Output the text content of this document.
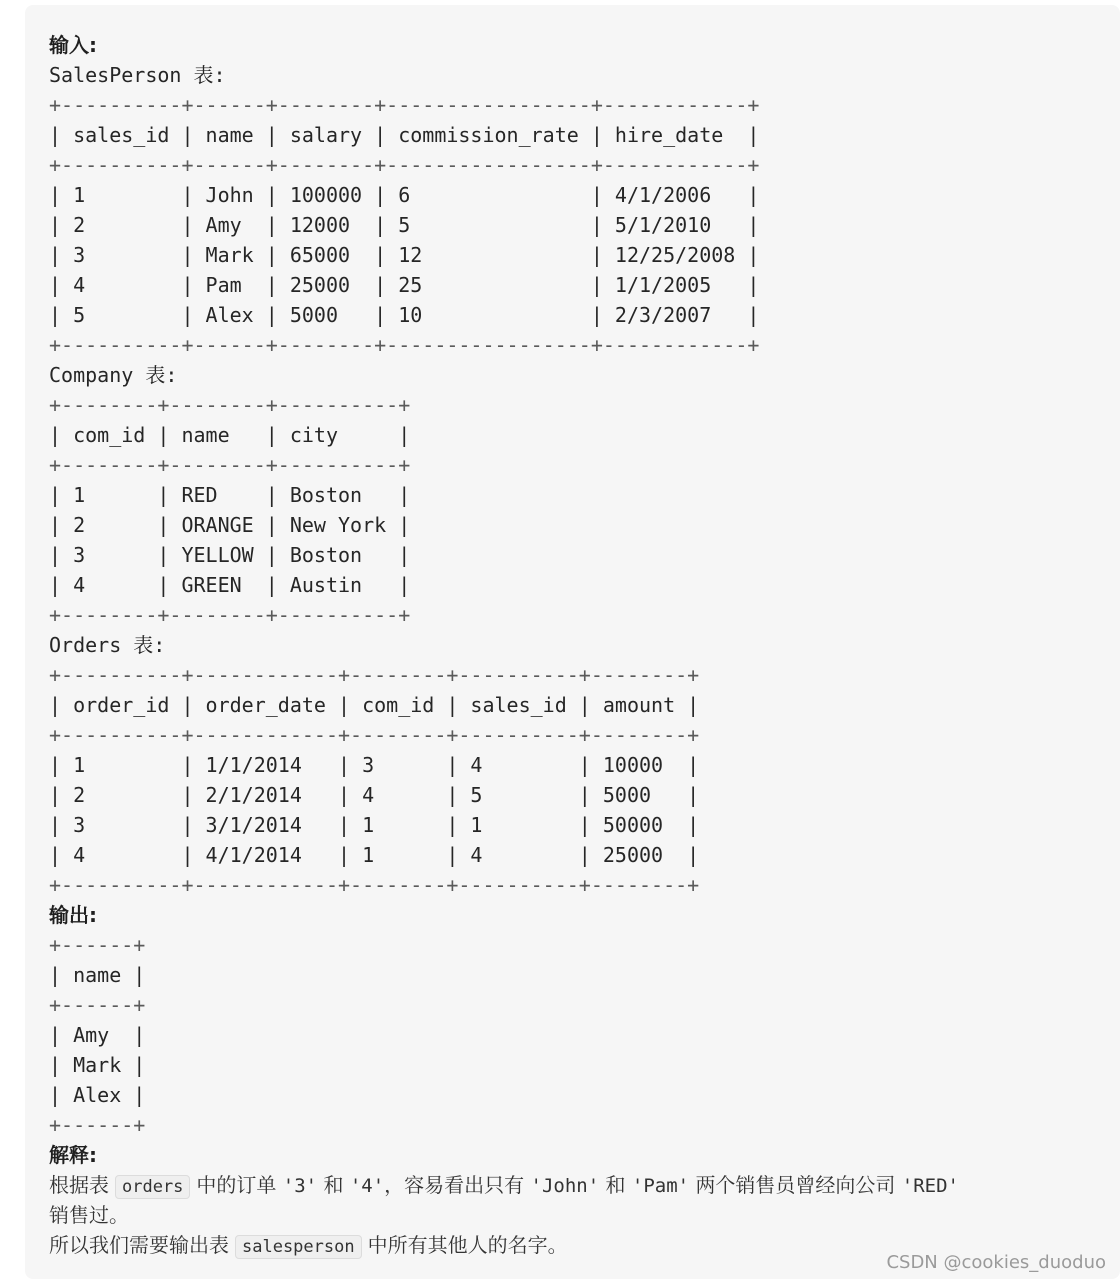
输入:
SalesPerson 表:
+----------+------+--------+-----------------+------------+
| sales_id | name | salary | commission_rate | hire_date  |
+----------+------+--------+-----------------+------------+
| 1        | John | 100000 | 6               | 4/1/2006   |
| 2        | Amy  | 12000  | 5               | 5/1/2010   |
| 3        | Mark | 65000  | 12              | 12/25/2008 |
| 4        | Pam  | 25000  | 25              | 1/1/2005   |
| 5        | Alex | 5000   | 10              | 2/3/2007   |
+----------+------+--------+-----------------+------------+
Company 表:
+--------+--------+----------+
| com_id | name   | city     |
+--------+--------+----------+
| 1      | RED    | Boston   |
| 2      | ORANGE | New York |
| 3      | YELLOW | Boston   |
| 4      | GREEN  | Austin   |
+--------+--------+----------+
Orders 表:
+----------+------------+--------+----------+--------+
| order_id | order_date | com_id | sales_id | amount |
+----------+------------+--------+----------+--------+
| 1        | 1/1/2014   | 3      | 4        | 10000  |
| 2        | 2/1/2014   | 4      | 5        | 5000   |
| 3        | 3/1/2014   | 1      | 1        | 50000  |
| 4        | 4/1/2014   | 1      | 4        | 25000  |
+----------+------------+--------+----------+--------+
输出:
+------+
| name |
+------+
| Amy  |
| Mark |
| Alex |
+------+
解释:
根据表 orders 中的订单 '3' 和 '4'，容易看出只有 'John' 和 'Pam' 两个销售员曾经向公司 'RED'
销售过。
所以我们需要输出表 salesperson 中所有其他人的名字。
CSDN @cookies_duoduo
